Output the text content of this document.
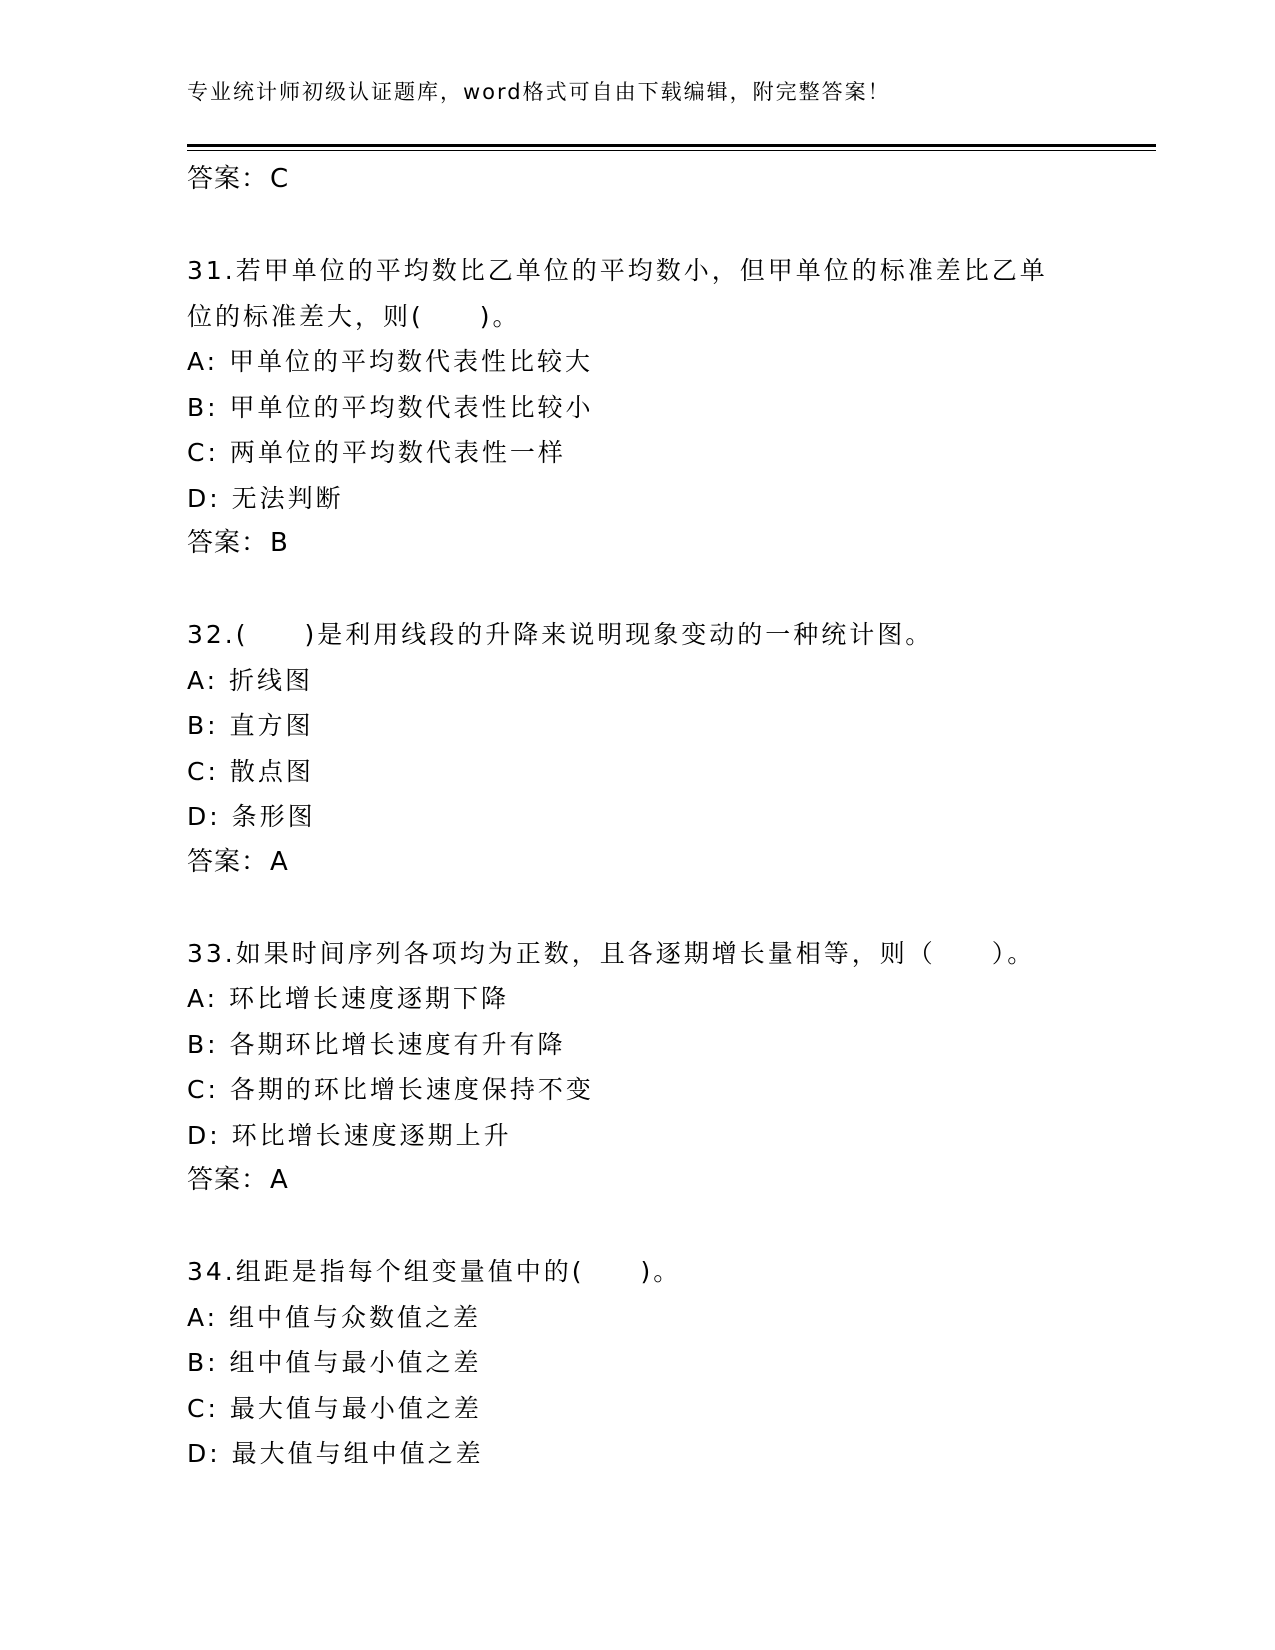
专业统计师初级认证题库，word格式可自由下载编辑，附完整答案！
答案：C
31.若甲单位的平均数比乙单位的平均数小，但甲单位的标准差比乙单
位的标准差大，则(　　)。
A: 甲单位的平均数代表性比较大
B: 甲单位的平均数代表性比较小
C: 两单位的平均数代表性一样
D: 无法判断
答案：B
32.(　　)是利用线段的升降来说明现象变动的一种统计图。
A: 折线图
B: 直方图
C: 散点图
D: 条形图
答案：A
33.如果时间序列各项均为正数，且各逐期增长量相等，则（　　）。
A: 环比增长速度逐期下降
B: 各期环比增长速度有升有降
C: 各期的环比增长速度保持不变
D: 环比增长速度逐期上升
答案：A
34.组距是指每个组变量值中的(　　)。
A: 组中值与众数值之差
B: 组中值与最小值之差
C: 最大值与最小值之差
D: 最大值与组中值之差
